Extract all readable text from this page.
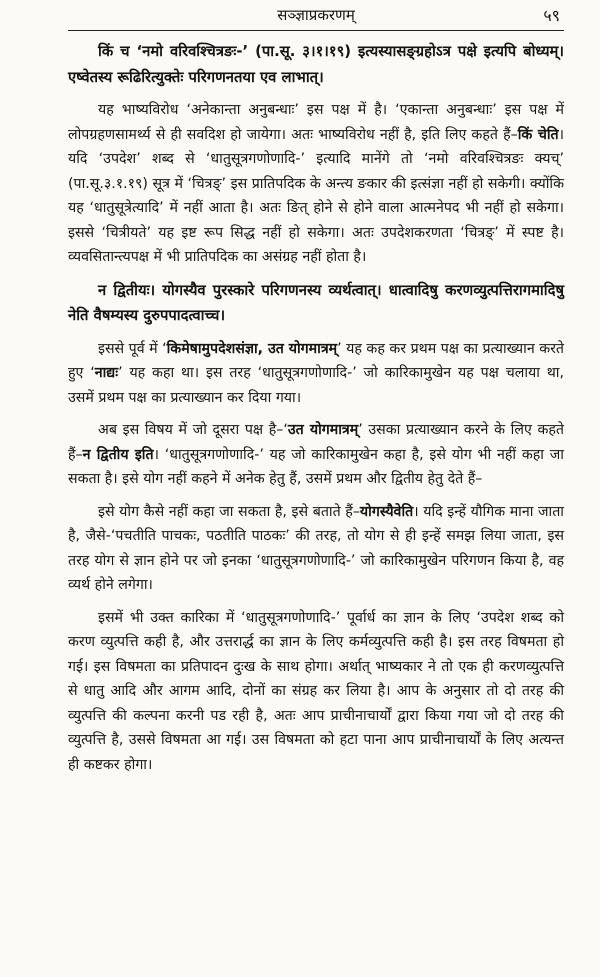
सञ्ज्ञाप्रकरणम्	५९

किं च ‘नमो वरिवश्चित्रङः-’ (पा.सू. ३।१।१९) इत्यस्यासङ्ग्रहोऽत्र पक्षे इत्यपि बोध्यम्। एष्वेतस्य रूढिरित्युक्तेः परिगणनतया एव लाभात्।

यह भाष्यविरोध ‘अनेकान्ता अनुबन्धाः’ इस पक्ष में है। ‘एकान्ता अनुबन्धाः’ इस पक्ष में लोपग्रहणसामर्थ्य से ही सवदिश हो जायेगा। अतः भाष्यविरोध नहीं है, इति लिए कहते हैं–किं चेति। यदि ‘उपदेश’ शब्द से ‘धातुसूत्रगणोणादि-’ इत्यादि मानेंगे तो ‘नमो वरिवश्चित्रङः क्यच्’ (पा.सू.३.१.१९) सूत्र में ‘चित्रङ्’ इस प्रातिपदिक के अन्त्य ङकार की इत्संज्ञा नहीं हो सकेगी। क्योंकि यह ‘धातुसूत्रेत्यादि’ में नहीं आता है। अतः ङित् होने से होने वाला आत्मनेपद भी नहीं हो सकेगा। इससे ‘चित्रीयते’ यह इष्ट रूप सिद्ध नहीं हो सकेगा। अतः उपदेशकरणता ‘चित्रङ्’ में स्पष्ट है। व्यवसितान्त्यपक्ष में भी प्रातिपदिक का असंग्रह नहीं होता है।

न द्वितीयः। योगस्यैव पुरस्कारे परिगणनस्य व्यर्थत्वात्। धात्वादिषु करणव्युत्पत्तिरागमादिषु नेति वैषम्यस्य दुरुपपादत्वाच्च।

इससे पूर्व में ‘किमेषामुपदेशसंज्ञा, उत योगमात्रम्’ यह कह कर प्रथम पक्ष का प्रत्याख्यान करते हुए ‘नाद्यः’ यह कहा था। इस तरह ‘धातुसूत्रगणोणादि-’ जो कारिकामुखेन यह पक्ष चलाया था, उसमें प्रथम पक्ष का प्रत्याख्यान कर दिया गया।

अब इस विषय में जो दूसरा पक्ष है–‘उत योगमात्रम्’ उसका प्रत्याख्यान करने के लिए कहते हैं–न द्वितीय इति। ‘धातुसूत्रगणोणादि-’ यह जो कारिकामुखेन कहा है, इसे योग भी नहीं कहा जा सकता है। इसे योग नहीं कहने में अनेक हेतु हैं, उसमें प्रथम और द्वितीय हेतु देते हैं–

इसे योग कैसे नहीं कहा जा सकता है, इसे बताते हैं–योगस्यैवेति। यदि इन्हें यौगिक माना जाता है, जैसे-‘पचतीति पाचकः, पठतीति पाठकः’ की तरह, तो योग से ही इन्हें समझ लिया जाता, इस तरह योग से ज्ञान होने पर जो इनका ‘धातुसूत्रगणोणादि-’ जो कारिकामुखेन परिगणन किया है, वह व्यर्थ होने लगेगा।

इसमें भी उक्त कारिका में ‘धातुसूत्रगणोणादि-’ पूर्वार्ध का ज्ञान के लिए ‘उपदेश शब्द को करण व्युत्पत्ति कही है, और उत्तरार्द्ध का ज्ञान के लिए कर्मव्युत्पत्ति कही है। इस तरह विषमता हो गई। इस विषमता का प्रतिपादन दुःख के साथ होगा। अर्थात् भाष्यकार ने तो एक ही करणव्युत्पत्ति से धातु आदि और आगम आदि, दोनों का संग्रह कर लिया है। आप के अनुसार तो दो तरह की व्युत्पत्ति की कल्पना करनी पड रही है, अतः आप प्राचीनाचार्यों द्वारा किया गया जो दो तरह की व्युत्पत्ति है, उससे विषमता आ गई। उस विषमता को हटा पाना आप प्राचीनाचार्यों के लिए अत्यन्त ही कष्टकर होगा।
